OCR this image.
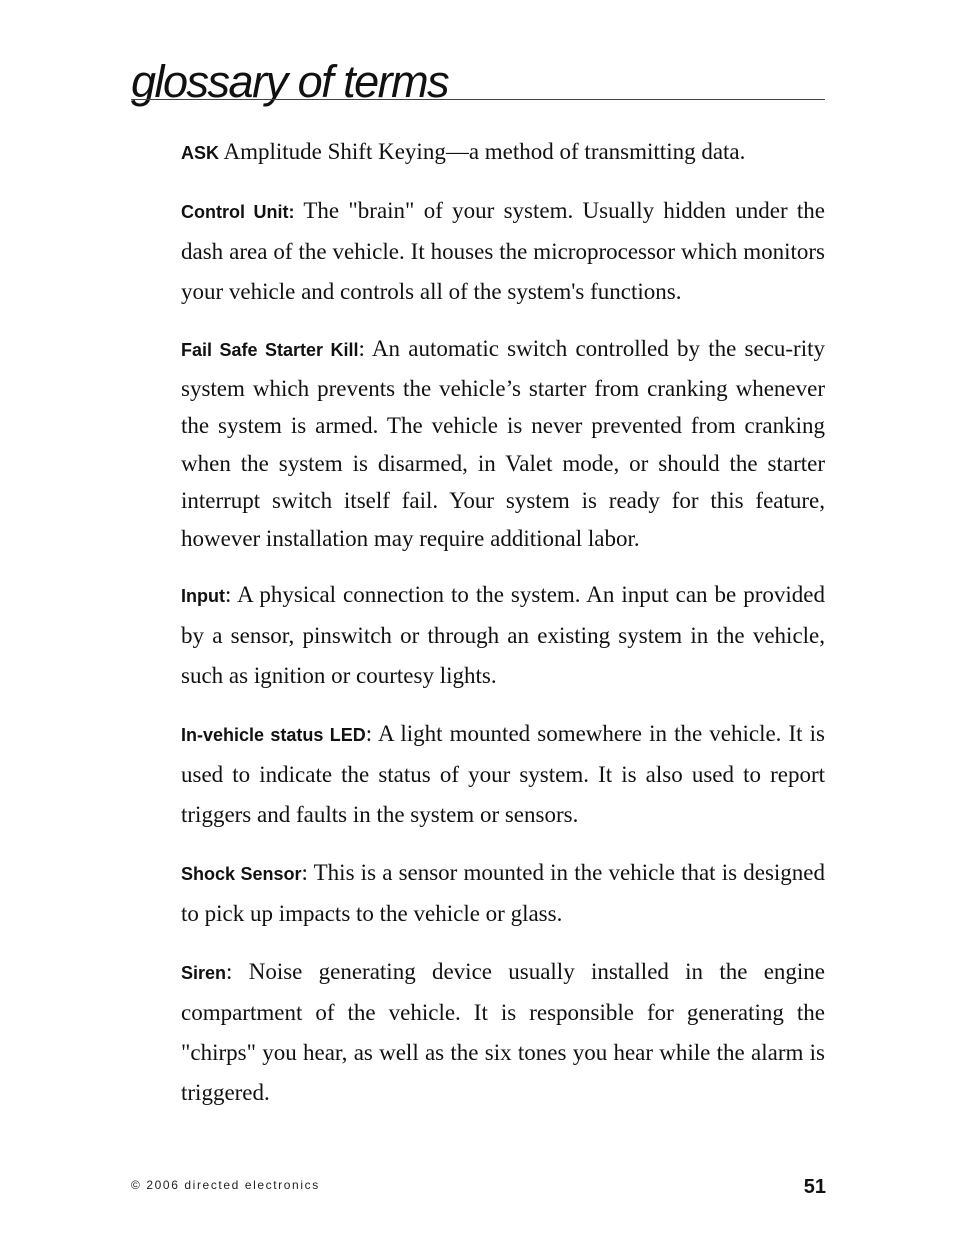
glossary of terms

ASK Amplitude Shift Keying—a method of transmitting data.

Control Unit: The "brain" of your system. Usually hidden under the dash area of the vehicle. It houses the microprocessor which monitors your vehicle and controls all of the system's functions.

Fail Safe Starter Kill: An automatic switch controlled by the secu-rity system which prevents the vehicle’s starter from cranking whenever the system is armed. The vehicle is never prevented from cranking when the system is disarmed, in Valet mode, or should the starter interrupt switch itself fail. Your system is ready for this feature, however installation may require additional labor.

Input: A physical connection to the system. An input can be provided by a sensor, pinswitch or through an existing system in the vehicle, such as ignition or courtesy lights.

In-vehicle status LED: A light mounted somewhere in the vehicle. It is used to indicate the status of your system. It is also used to report triggers and faults in the system or sensors.

Shock Sensor: This is a sensor mounted in the vehicle that is designed to pick up impacts to the vehicle or glass.

Siren: Noise generating device usually installed in the engine compartment of the vehicle. It is responsible for generating the "chirps" you hear, as well as the six tones you hear while the alarm is triggered.

© 2006 directed electronics	51
